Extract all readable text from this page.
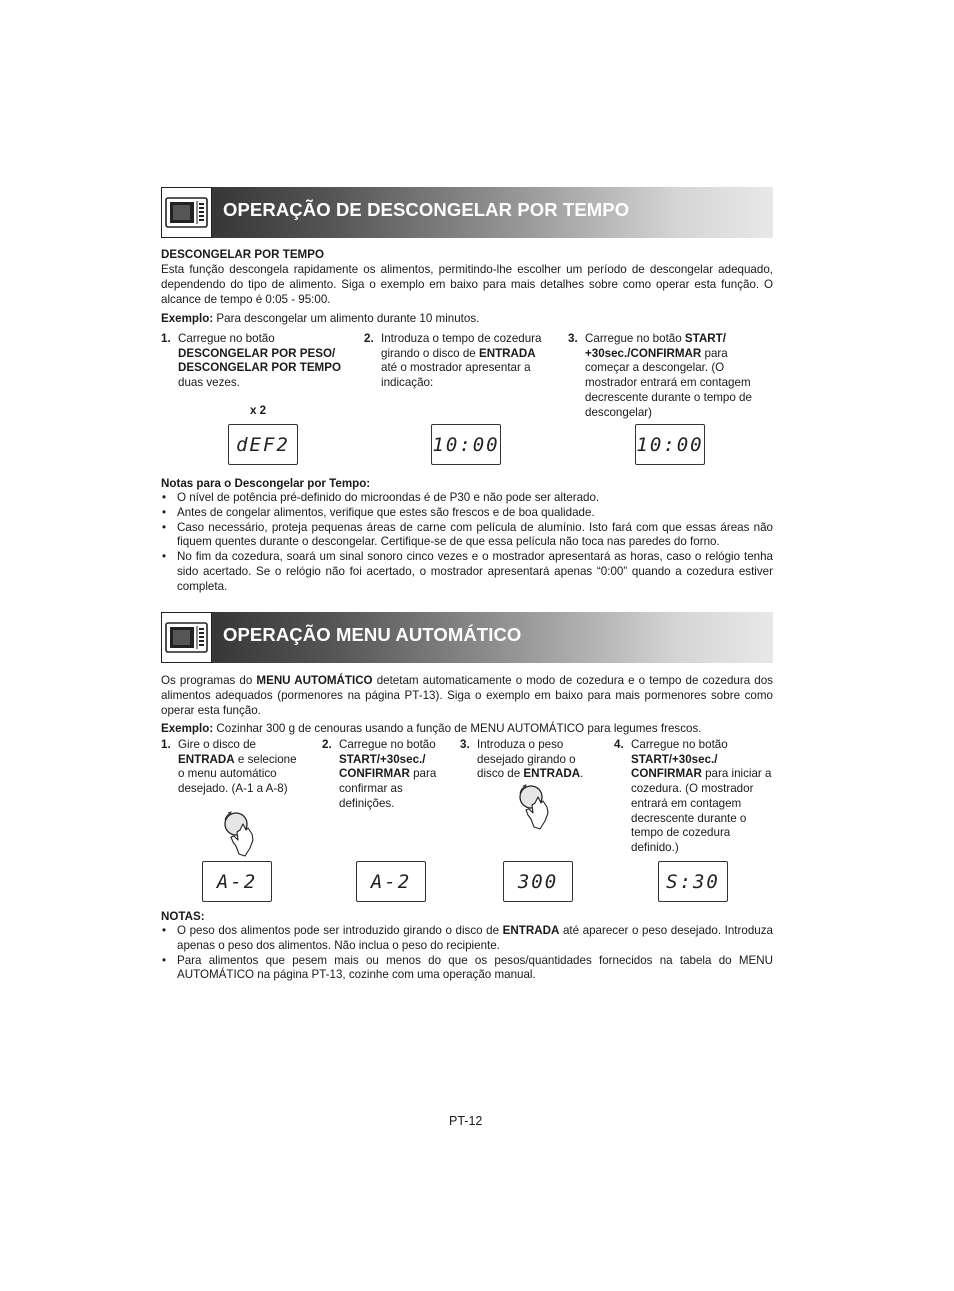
OPERAÇÃO DE DESCONGELAR POR TEMPO
DESCONGELAR POR TEMPO
Esta função descongela rapidamente os alimentos, permitindo-lhe escolher um período de descongelar adequado, dependendo do tipo de alimento. Siga o exemplo em baixo para mais detalhes sobre como operar esta função. O alcance de tempo é 0:05 - 95:00.
Exemplo: Para descongelar um alimento durante 10 minutos.
1. Carregue no botão
DESCONGELAR POR PESO/ DESCONGELAR POR TEMPO
duas vezes.
2. Introduza o tempo de cozedura girando o disco de ENTRADA até o mostrador apresentar a indicação:
3. Carregue no botão START/ +30sec./CONFIRMAR para começar a descongelar. (O mostrador entrará em contagem decrescente durante o tempo de descongelar)
x 2
dEF2	10:00	10:00
Notas para o Descongelar por Tempo:
• O nível de potência pré-definido do microondas é de P30 e não pode ser alterado.
• Antes de congelar alimentos, verifique que estes são frescos e de boa qualidade.
• Caso necessário, proteja pequenas áreas de carne com película de alumínio. Isto fará com que essas áreas não fiquem quentes durante o descongelar. Certifique-se de que essa película não toca nas paredes do forno.
• No fim da cozedura, soará um sinal sonoro cinco vezes e o mostrador apresentará as horas, caso o relógio tenha sido acertado. Se o relógio não foi acertado, o mostrador apresentará apenas “0:00” quando a cozedura estiver completa.
OPERAÇÃO MENU AUTOMÁTICO
Os programas do MENU AUTOMÁTICO detetam automaticamente o modo de cozedura e o tempo de cozedura dos alimentos adequados (pormenores na página PT-13). Siga o exemplo em baixo para mais pormenores sobre como operar esta função.
Exemplo: Cozinhar 300 g de cenouras usando a função de MENU AUTOMÁTICO para legumes frescos.
1. Gire o disco de ENTRADA e selecione o menu automático desejado. (A-1 a A-8)
2. Carregue no botão START/+30sec./ CONFIRMAR para confirmar as definições.
3. Introduza o peso desejado girando o disco de ENTRADA.
4. Carregue no botão START/+30sec./ CONFIRMAR para iniciar a cozedura. (O mostrador entrará em contagem decrescente durante o tempo de cozedura definido.)
A-2	A-2	300	S:30
NOTAS:
• O peso dos alimentos pode ser introduzido girando o disco de ENTRADA até aparecer o peso desejado. Introduza apenas o peso dos alimentos. Não inclua o peso do recipiente.
• Para alimentos que pesem mais ou menos do que os pesos/quantidades fornecidos na tabela do MENU AUTOMÁTICO na página PT-13, cozinhe com uma operação manual.
PT-12
